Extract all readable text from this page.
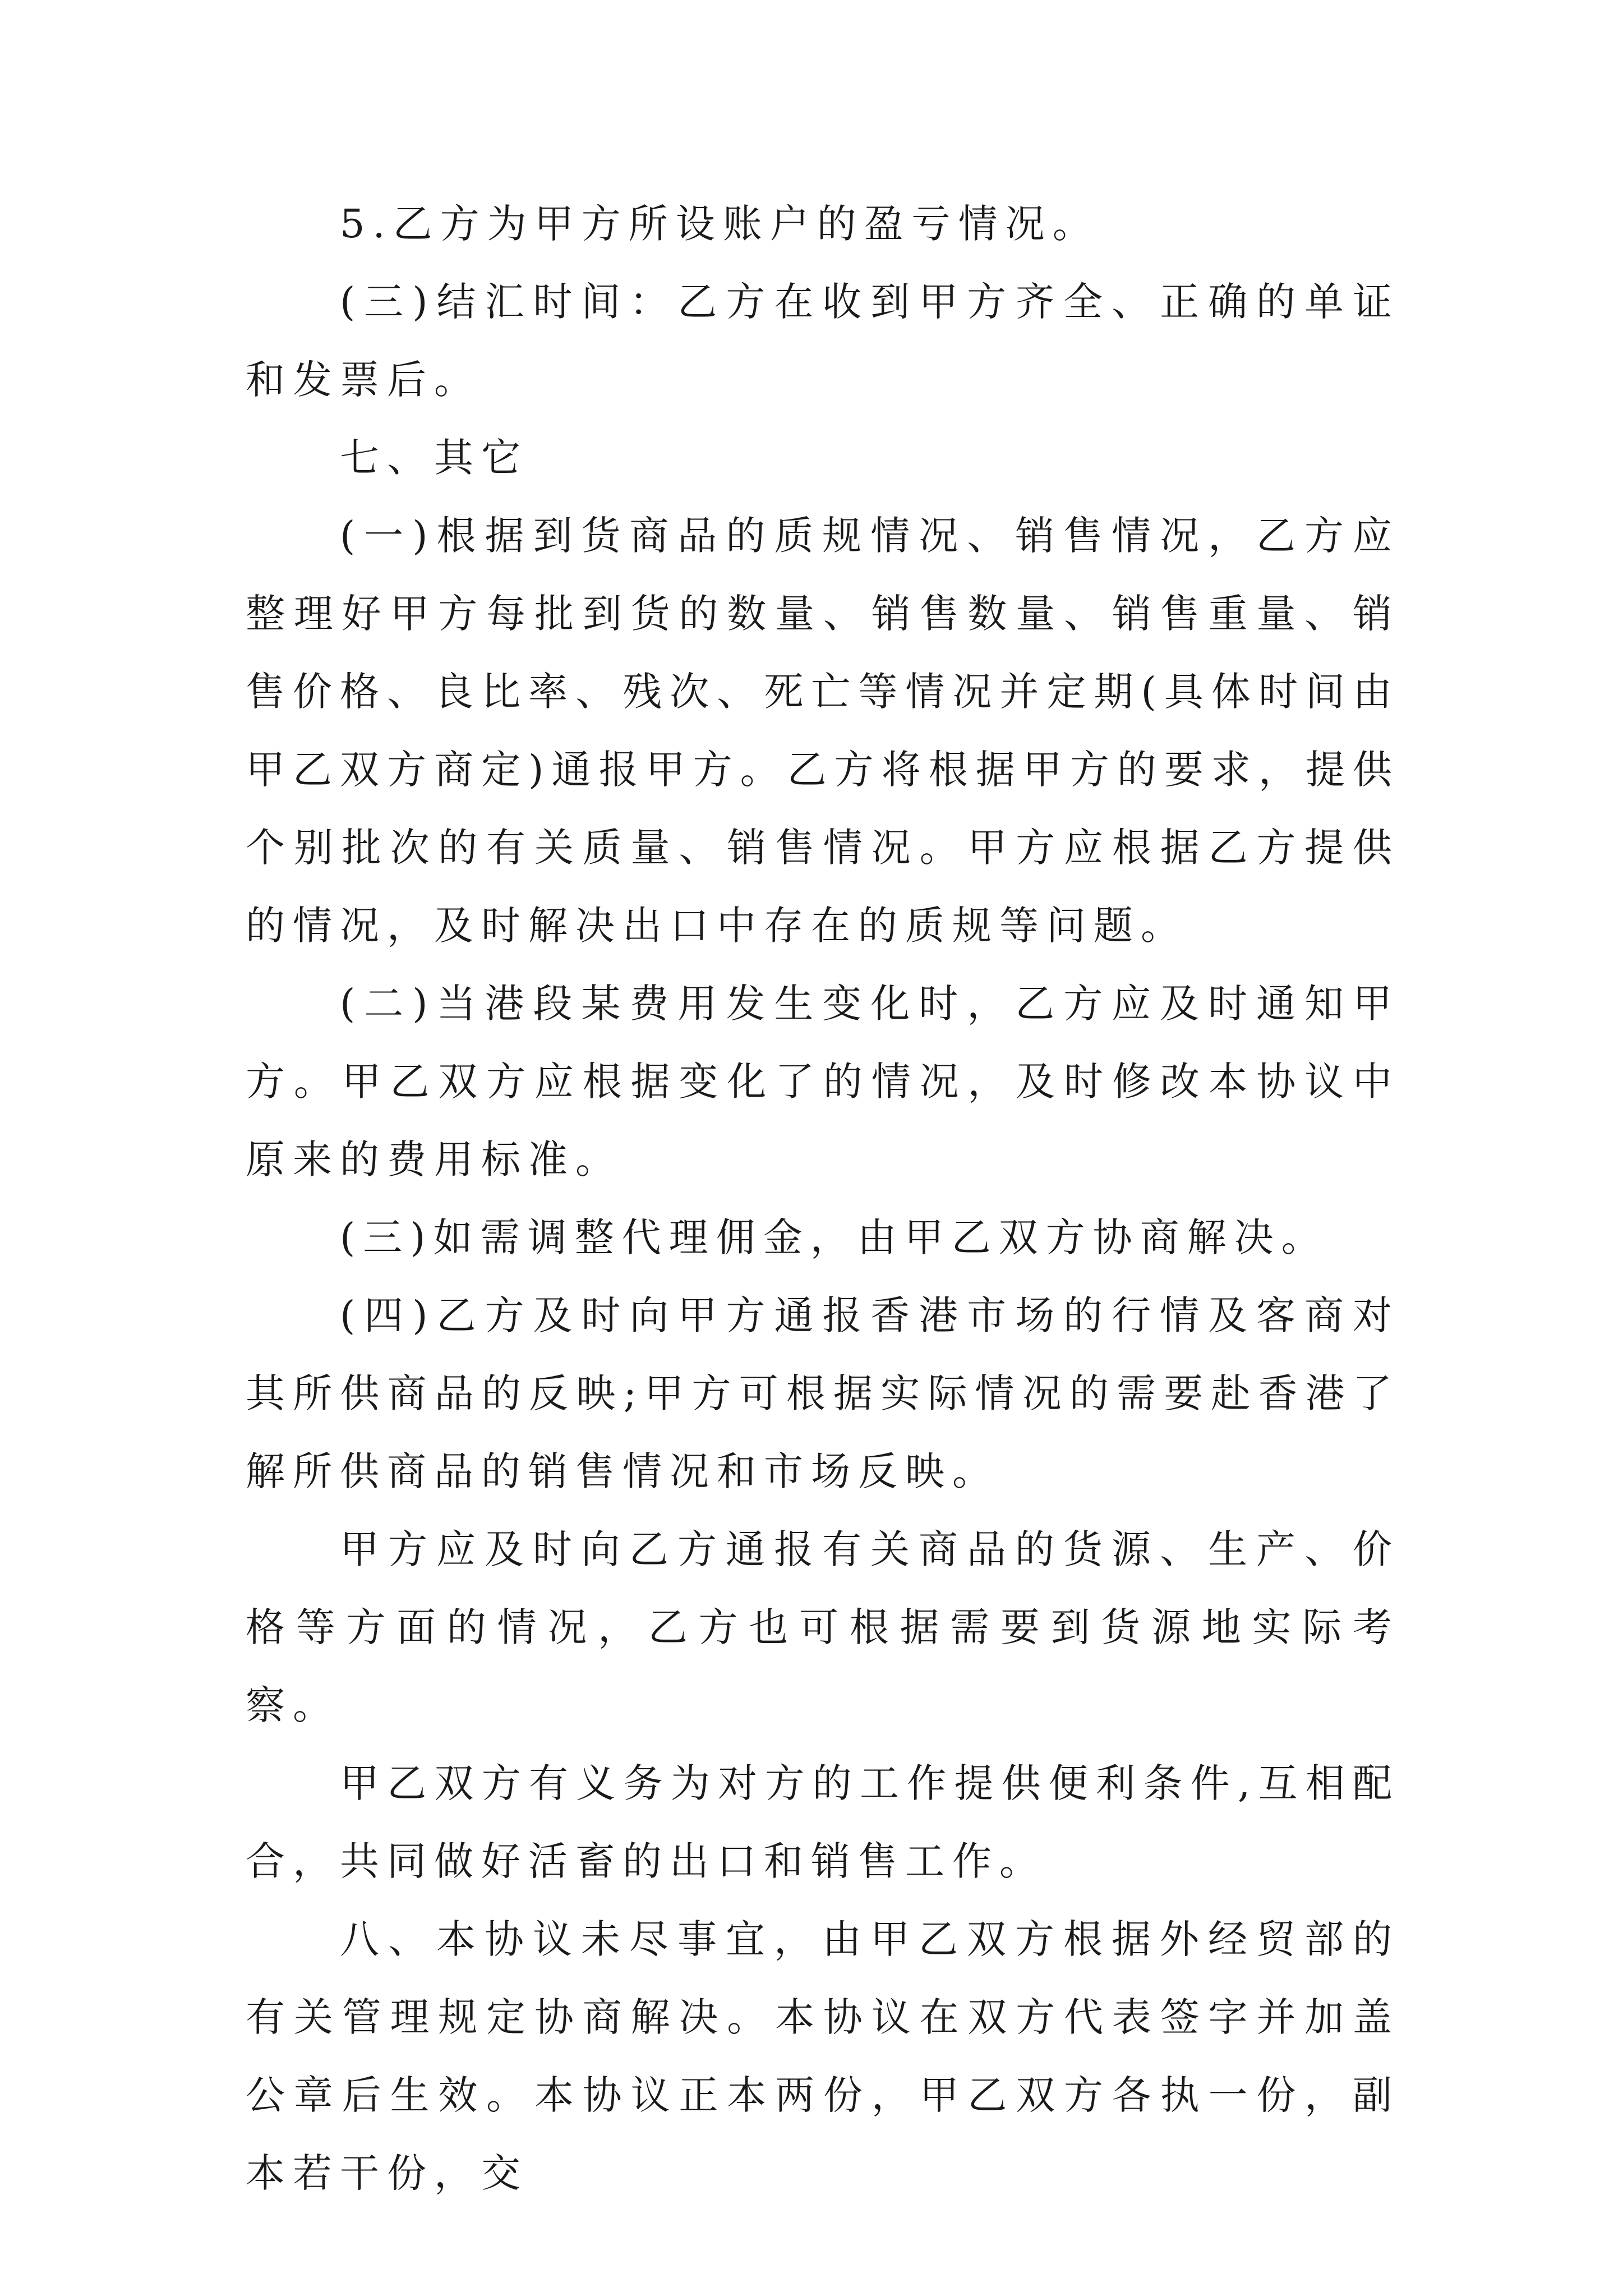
5.乙方为甲方所设账户的盈亏情况。

(三)结汇时间：乙方在收到甲方齐全、正确的单证和发票后。

七、其它

(一)根据到货商品的质规情况、销售情况，乙方应整理好甲方每批到货的数量、销售数量、销售重量、销售价格、良比率、残次、死亡等情况并定期(具体时间由甲乙双方商定)通报甲方。乙方将根据甲方的要求，提供个别批次的有关质量、销售情况。甲方应根据乙方提供的情况，及时解决出口中存在的质规等问题。

(二)当港段某费用发生变化时，乙方应及时通知甲方。甲乙双方应根据变化了的情况，及时修改本协议中原来的费用标准。

(三)如需调整代理佣金，由甲乙双方协商解决。

(四)乙方及时向甲方通报香港市场的行情及客商对其所供商品的反映;甲方可根据实际情况的需要赴香港了解所供商品的销售情况和市场反映。

甲方应及时向乙方通报有关商品的货源、生产、价格等方面的情况，乙方也可根据需要到货源地实际考察。

甲乙双方有义务为对方的工作提供便利条件,互相配合，共同做好活畜的出口和销售工作。

八、本协议未尽事宜，由甲乙双方根据外经贸部的有关管理规定协商解决。本协议在双方代表签字并加盖公章后生效。本协议正本两份，甲乙双方各执一份，副本若干份，交
